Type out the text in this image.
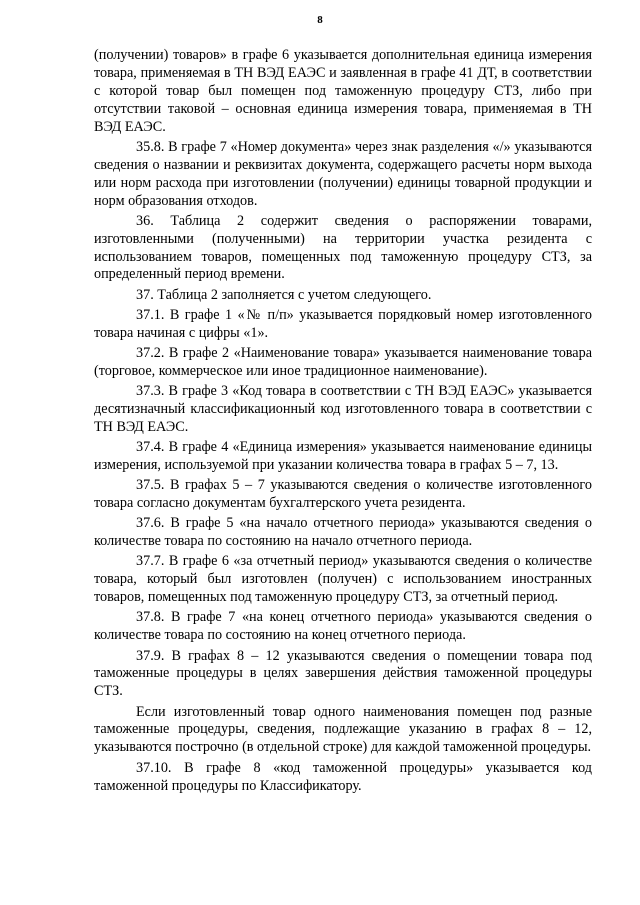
8

(получении) товаров» в графе 6 указывается дополнительная единица измерения товара, применяемая в ТН ВЭД ЕАЭС и заявленная в графе 41 ДТ, в соответствии с которой товар был помещен под таможенную процедуру СТЗ, либо при отсутствии таковой – основная единица измерения товара, применяемая в ТН ВЭД ЕАЭС.

35.8. В графе 7 «Номер документа» через знак разделения «/» указываются сведения о названии и реквизитах документа, содержащего расчеты норм выхода или норм расхода при изготовлении (получении) единицы товарной продукции и норм образования отходов.

36. Таблица 2 содержит сведения о распоряжении товарами, изготовленными (полученными) на территории участка резидента с использованием товаров, помещенных под таможенную процедуру СТЗ, за определенный период времени.

37. Таблица 2 заполняется с учетом следующего.

37.1. В графе 1 «№ п/п» указывается порядковый номер изготовленного товара начиная с цифры «1».

37.2. В графе 2 «Наименование товара» указывается наименование товара (торговое, коммерческое или иное традиционное наименование).

37.3. В графе 3 «Код товара в соответствии с ТН ВЭД ЕАЭС» указывается десятизначный классификационный код изготовленного товара в соответствии с ТН ВЭД ЕАЭС.

37.4. В графе 4 «Единица измерения» указывается наименование единицы измерения, используемой при указании количества товара в графах 5 – 7, 13.

37.5. В графах 5 – 7 указываются сведения о количестве изготовленного товара согласно документам бухгалтерского учета резидента.

37.6. В графе 5 «на начало отчетного периода» указываются сведения о количестве товара по состоянию на начало отчетного периода.

37.7. В графе 6 «за отчетный период» указываются сведения о количестве товара, который был изготовлен (получен) с использованием иностранных товаров, помещенных под таможенную процедуру СТЗ, за отчетный период.

37.8. В графе 7 «на конец отчетного периода» указываются сведения о количестве товара по состоянию на конец отчетного периода.

37.9. В графах 8 – 12 указываются сведения о помещении товара под таможенные процедуры в целях завершения действия таможенной процедуры СТЗ.

Если изготовленный товар одного наименования помещен под разные таможенные процедуры, сведения, подлежащие указанию в графах 8 – 12, указываются построчно (в отдельной строке) для каждой таможенной процедуры.

37.10. В графе 8 «код таможенной процедуры» указывается код таможенной процедуры по Классификатору.
